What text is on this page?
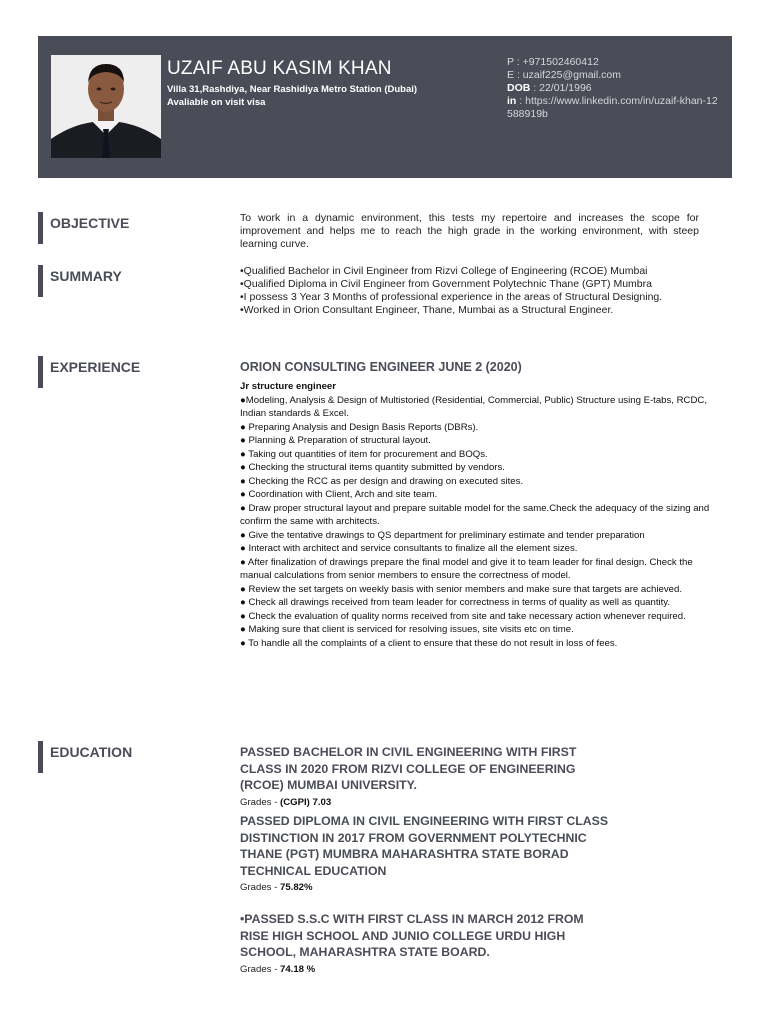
UZAIF ABU KASIM KHAN
Villa 31,Rashdiya, Near Rashidiya Metro Station (Dubai)
Avaliable on visit visa
P : +971502460412
E : uzaif225@gmail.com
DOB : 22/01/1996
in : https://www.linkedin.com/in/uzaif-khan-12588919b
OBJECTIVE	To work in a dynamic environment, this tests my repertoire and increases the scope for improvement and helps me to reach the high grade in the working environment, with steep learning curve.

SUMMARY	•Qualified Bachelor in Civil Engineer from Rizvi College of Engineering (RCOE) Mumbai

•Qualified Diploma in Civil Engineer from Government Polytechnic Thane (GPT) Mumbra

•I possess 3 Year 3 Months of professional experience in the areas of Structural Designing.

•Worked in Orion Consultant Engineer, Thane, Mumbai as a Structural Engineer.

EXPERIENCE	ORION CONSULTING ENGINEER JUNE 2 (2020)

Jr structure engineer

●Modeling, Analysis & Design of Multistoried (Residential, Commercial, Public) Structure using E-tabs, RCDC, Indian standards & Excel.

● Preparing Analysis and Design Basis Reports (DBRs).

● Planning & Preparation of structural layout.

● Taking out quantities of item for procurement and BOQs.

● Checking the structural items quantity submitted by vendors.

● Checking the RCC as per design and drawing on executed sites.

● Coordination with Client, Arch and site team.

● Draw proper structural layout and prepare suitable model for the same.Check the adequacy of the sizing and confirm the same with architects.

● Give the tentative drawings to QS department for preliminary estimate and tender preparation

● Interact with architect and service consultants to finalize all the element sizes.

● After finalization of drawings prepare the final model and give it to team leader for final design. Check the manual calculations from senior members to ensure the correctness of model.

● Review the set targets on weekly basis with senior members and make sure that targets are achieved.

● Check all drawings received from team leader for correctness in terms of quality as well as quantity.

● Check the evaluation of quality norms received from site and take necessary action whenever required.

● Making sure that client is serviced for resolving issues, site visits etc on time.

● To handle all the complaints of a client to ensure that these do not result in loss of fees.

EDUCATION	PASSED BACHELOR IN CIVIL ENGINEERING WITH FIRST CLASS IN 2020 FROM RIZVI COLLEGE OF ENGINEERING (RCOE) MUMBAI UNIVERSITY.
Grades - (CGPI) 7.03
PASSED DIPLOMA IN CIVIL ENGINEERING WITH FIRST CLASS DISTINCTION IN 2017 FROM GOVERNMENT POLYTECHNIC THANE (PGT) MUMBRA MAHARASHTRA STATE BORAD TECHNICAL EDUCATION
Grades - 75.82%
•PASSED S.S.C WITH FIRST CLASS IN MARCH 2012 FROM RISE HIGH SCHOOL AND JUNIO COLLEGE URDU HIGH SCHOOL, MAHARASHTRA STATE BOARD.
Grades - 74.18 %
